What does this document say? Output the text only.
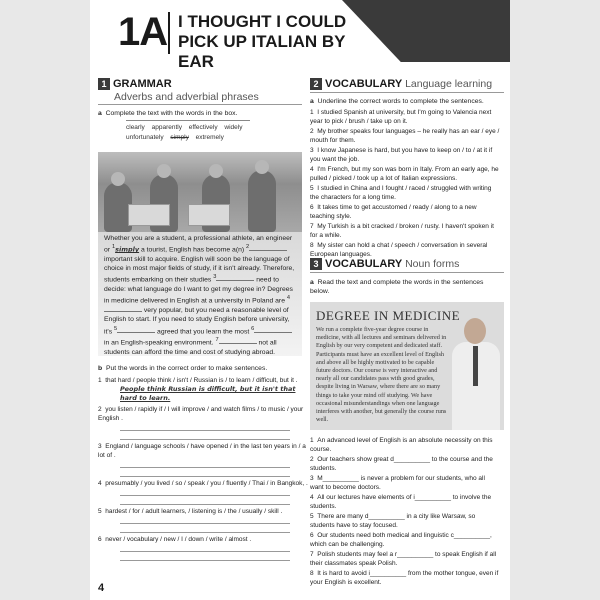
1A I THOUGHT I COULD
PICK UP ITALIAN BY EAR
1 GRAMMAR
Adverbs and adverbial phrases
a Complete the text with the words in the box.
clearly apparently effectively widely
unfortunately simply extremely
Whether you are a student, a professional athlete, an engineer or $^1$simply a tourist, English has become a(n) $^2$ important skill to acquire. English will soon be the language of choice in most major fields of study, if it isn't already. Therefore, students embarking on their studies $^3$	need to decide: what language do I want to get my degree in? Degrees in medicine delivered in English at a university in Poland are $^4$ very popular, but you need a reasonable level of English to start. If you need to study English before university, it's $^5$	agreed that you learn the most $^6$ in an English-speaking environment. $^7$	not all students can afford the time and cost of studying abroad.
b Put the words in the correct order to make sentences.
1 that hard / people think / isn't / Russian is / to learn / difficult, but it .
People think Russian is difficult, but it isn't that hard to learn.
2 you listen / rapidly if / I will improve / and watch films / to music / your English .
3 England / language schools / have opened / in the last ten years in / a lot of .
4 presumably / you lived / so / speak / you / fluently / Thai / in Bangkok, .
5 hardest / for / adult learners, / listening is / the / usually / skill .
6 never / vocabulary / new / I / down / write / almost .
2 VOCABULARY Language learning
a Underline the correct words to complete the sentences.
1 I studied Spanish at university, but I'm going to Valencia next year to pick / brush / take up on it.
2 My brother speaks four languages – he really has an ear / eye / mouth for them.
3 I know Japanese is hard, but you have to keep on / to / at it if you want the job.
4 I'm French, but my son was born in Italy. From an early age, he pulled / picked / took up a lot of Italian expressions.
5 I studied in China and I fought / raced / struggled with writing the characters for a long time.
6 It takes time to get accustomed / ready / along to a new teaching style.
7 My Turkish is a bit cracked / broken / rusty. I haven't spoken it for a while.
8 My sister can hold a chat / speech / conversation in several European languages.
3 VOCABULARY Noun forms
a Read the text and complete the words in the sentences below.
DEGREE IN MEDICINE
We run a complete five-year degree course in medicine, with all lectures and seminars delivered in English by our very competent and dedicated staff. Participants must have an excellent level of English and above all be highly motivated to be capable future doctors. Our course is very interactive and nearly all our candidates pass with good grades, despite living in Warsaw, where there are so many things to take your mind off studying. We have occasional misunderstandings when one language interferes with another, but generally the course runs well.
1 An advanced level of English is an absolute necessity on this course.
2 Our teachers show great d__________ to the course and the students.
3 M__________ is never a problem for our students, who all want to become doctors.
4 All our lectures have elements of i__________ to involve the students.
5 There are many d__________ in a city like Warsaw, so students have to stay focused.
6 Our students need both medical and linguistic c__________, which can be challenging.
7 Polish students may feel a r__________ to speak English if all their classmates speak Polish.
8 It is hard to avoid i__________ from the mother tongue, even if your English is excellent.
4
